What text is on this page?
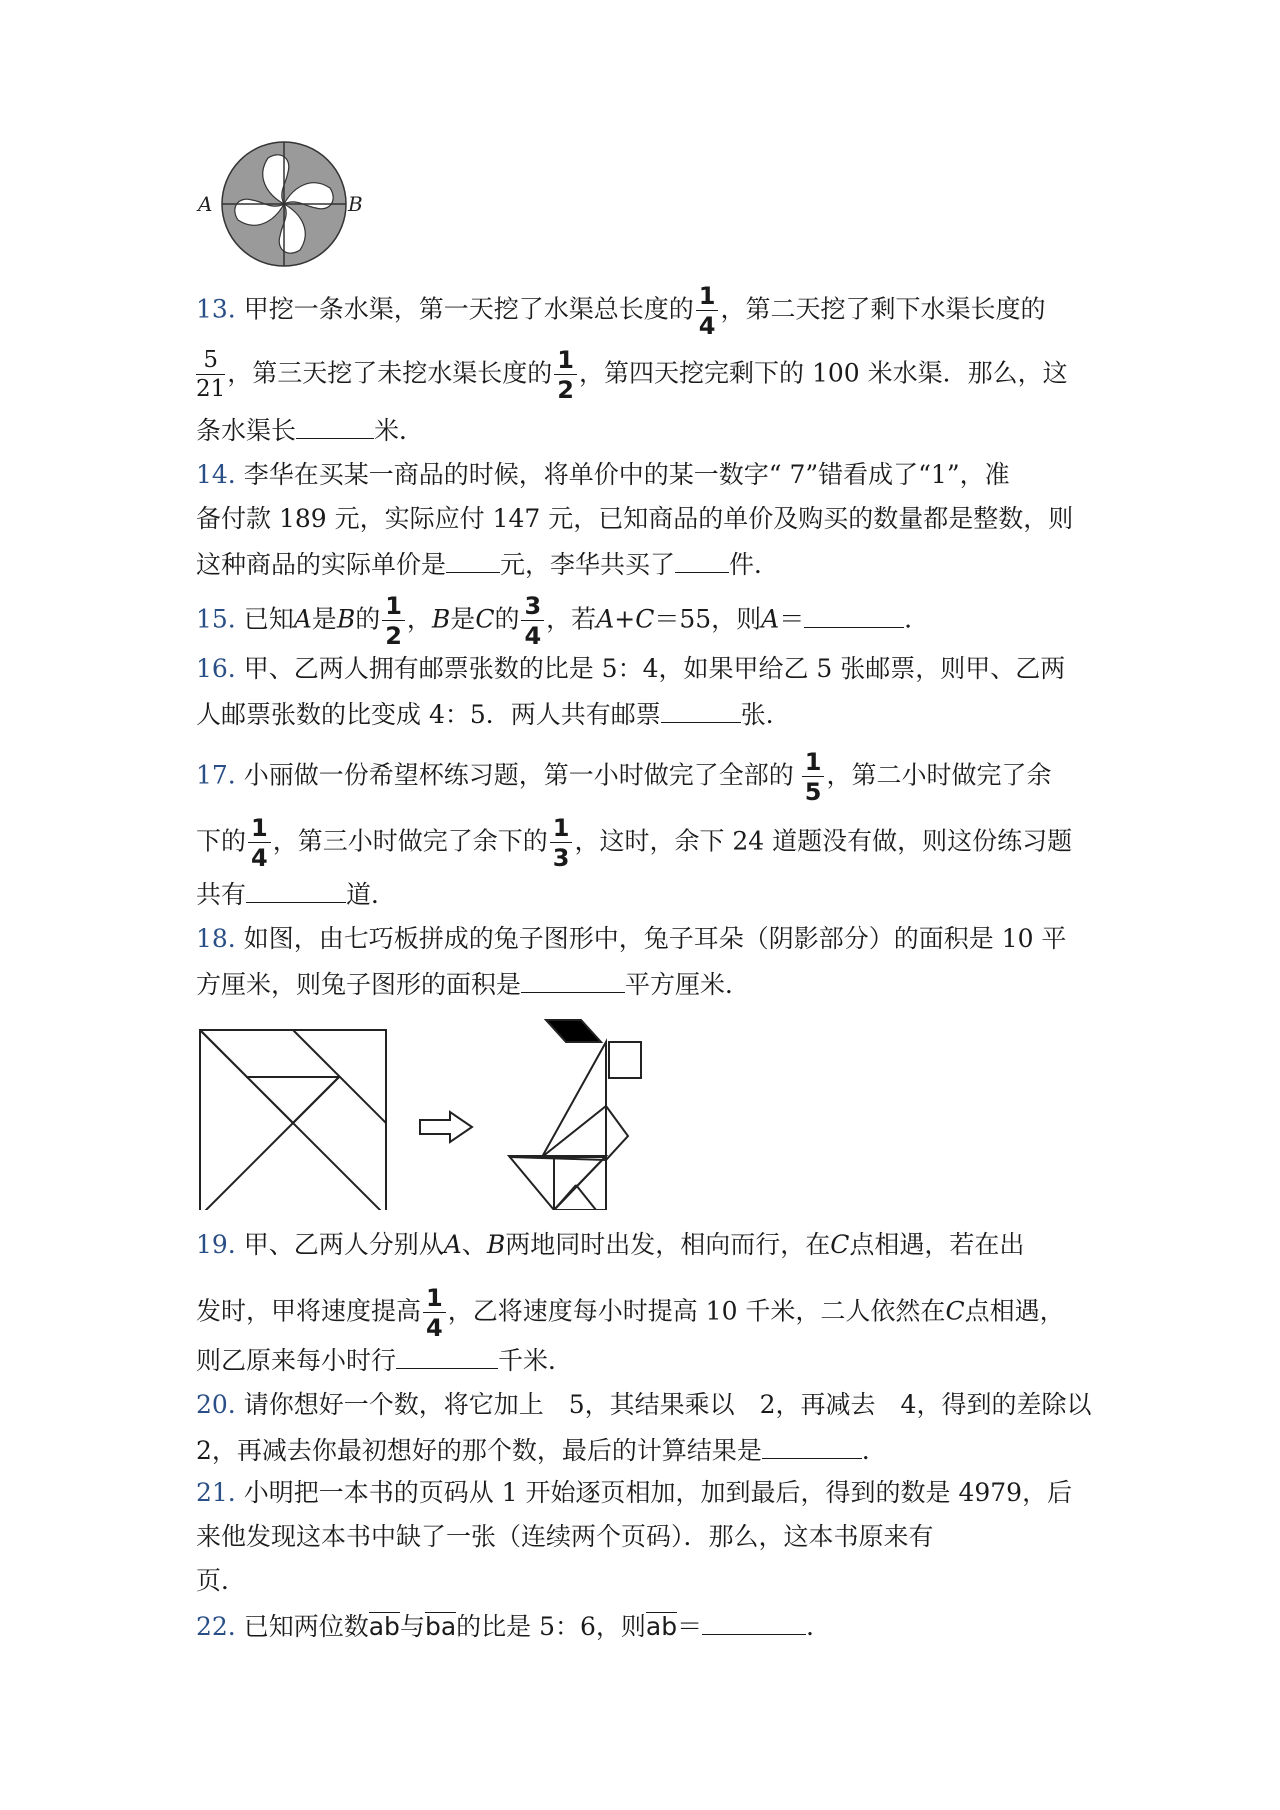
A	B
13. 甲挖一条水渠，第一天挖了水渠总长度的 $\frac{1}{4}$ ，第二天挖了剩下水渠长度的
$\frac{5}{21}$ ，第三天挖了未挖水渠长度的 $\frac{1}{2}$ ，第四天挖完剩下的 100 米水渠．那么，这
条水渠长	米．
14. 李华在买某一商品的时候，将单价中的某一数字“ 7”错看成了“1”，准
备付款 189 元，实际应付 147 元，已知商品的单价及购买的数量都是整数，则
这种商品的实际单价是 元，李华共买了 件．
15. 已知A是B的 $\frac{1}{2}$ ，B是C的 $\frac{3}{4}$ ，若A+C＝55，则A＝	．
16. 甲、乙两人拥有邮票张数的比是 5：4，如果甲给乙 5 张邮票，则甲、乙两
人邮票张数的比变成 4：5．两人共有邮票	张．
17. 小丽做一份希望杯练习题，第一小时做完了全部的 $\frac{1}{5}$ ，第二小时做完了余
下的 $\frac{1}{4}$ ，第三小时做完了余下的 $\frac{1}{3}$ ，这时，余下 24 道题没有做，则这份练习题
共有	道．
18. 如图，由七巧板拼成的兔子图形中，兔子耳朵（阴影部分）的面积是 10 平
方厘米，则兔子图形的面积是	平方厘米．
19. 甲、乙两人分别从A、B两地同时出发，相向而行，在C点相遇，若在出
发时，甲将速度提高 $\frac{1}{4}$ ，乙将速度每小时提高 10 千米，二人依然在C点相遇，
则乙原来每小时行	千米．
20. 请你想好一个数，将它加上　5，其结果乘以　2，再减去　4，得到的差除以
2，再减去你最初想好的那个数，最后的计算结果是	．
21. 小明把一本书的页码从 1 开始逐页相加，加到最后，得到的数是 4979，后
来他发现这本书中缺了一张（连续两个页码）．那么，这本书原来有
页．
22. 已知两位数ab与ba的比是 5：6，则ab＝	．
